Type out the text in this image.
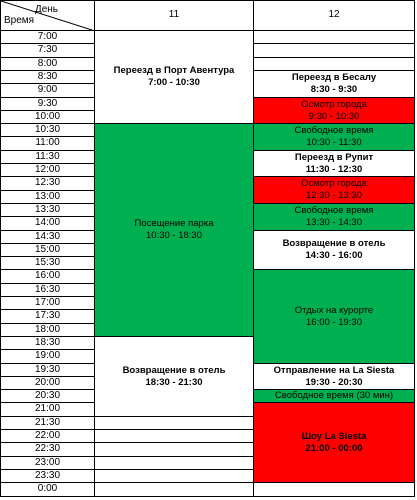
День
Время	11	12
7:00
7:30
8:00
8:30
9:00
9:30
10:00
10:30
11:00
11:30
12:00
12:30
13:00
13:30
14:00
14:30
15:00
15:30
16:00
16:30
17:00
17:30
18:00
18:30
19:00
19:30
20:00
20:30
21:00
21:30
22:00
22:30
23:00
23:30
0:00
Переезд в Порт Авентура
7:00 - 10:30
Посещение парка
10:30 - 18:30
Возвращение в отель
18:30 - 21:30
Переезд в Бесалу
8:30 - 9:30
Осмотр города
9:30 - 10:30
Свободное время
10:30 - 11:30
Переезд в Рупит
11:30 - 12:30
Осмотр города
12:30 - 13:30
Свободное время
13:30 - 14:30
Возвращение в отель
14:30 - 16:00
Отдых на курорте
16:00 - 19:30
Отправление на La Siesta
19:30 - 20:30
Свободное время (30 мин)
Шоу La Siesta
21:00 - 00:00
